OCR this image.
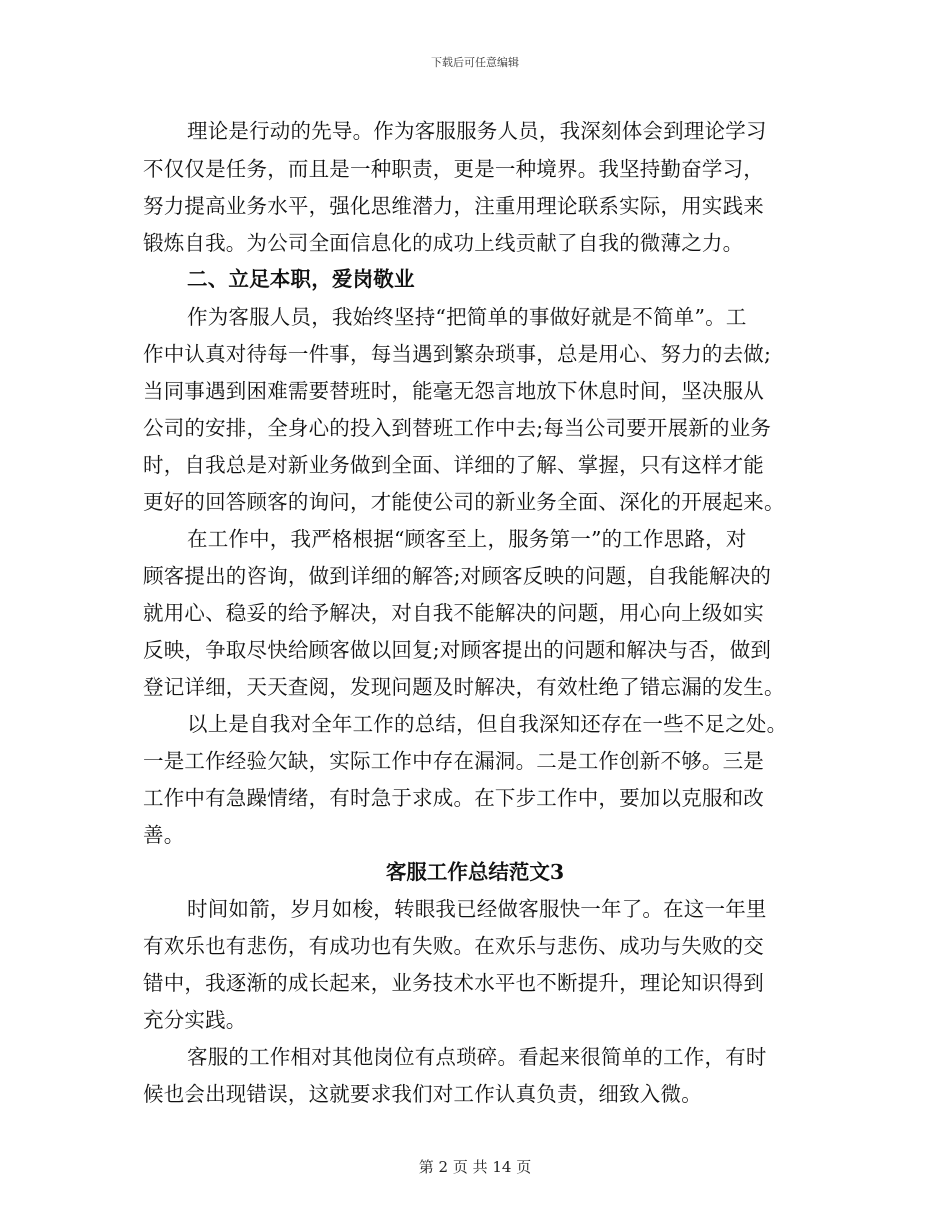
下载后可任意编辑
理论是行动的先导。作为客服服务人员，我深刻体会到理论学习
不仅仅是任务，而且是一种职责，更是一种境界。我坚持勤奋学习，
努力提高业务水平，强化思维潜力，注重用理论联系实际，用实践来
锻炼自我。为公司全面信息化的成功上线贡献了自我的微薄之力。
二、立足本职，爱岗敬业
作为客服人员，我始终坚持“把简单的事做好就是不简单”。工
作中认真对待每一件事，每当遇到繁杂琐事，总是用心、努力的去做;
当同事遇到困难需要替班时，能毫无怨言地放下休息时间，坚决服从
公司的安排，全身心的投入到替班工作中去;每当公司要开展新的业务
时，自我总是对新业务做到全面、详细的了解、掌握，只有这样才能
更好的回答顾客的询问，才能使公司的新业务全面、深化的开展起来。
在工作中，我严格根据“顾客至上，服务第一”的工作思路，对
顾客提出的咨询，做到详细的解答;对顾客反映的问题，自我能解决的
就用心、稳妥的给予解决，对自我不能解决的问题，用心向上级如实
反映，争取尽快给顾客做以回复;对顾客提出的问题和解决与否，做到
登记详细，天天查阅，发现问题及时解决，有效杜绝了错忘漏的发生。
以上是自我对全年工作的总结，但自我深知还存在一些不足之处。
一是工作经验欠缺，实际工作中存在漏洞。二是工作创新不够。三是
工作中有急躁情绪，有时急于求成。在下步工作中，要加以克服和改
善。
客服工作总结范文3
时间如箭，岁月如梭，转眼我已经做客服快一年了。在这一年里
有欢乐也有悲伤，有成功也有失败。在欢乐与悲伤、成功与失败的交
错中，我逐渐的成长起来，业务技术水平也不断提升，理论知识得到
充分实践。
客服的工作相对其他岗位有点琐碎。看起来很简单的工作，有时
候也会出现错误，这就要求我们对工作认真负责，细致入微。
第 2 页 共 14 页
